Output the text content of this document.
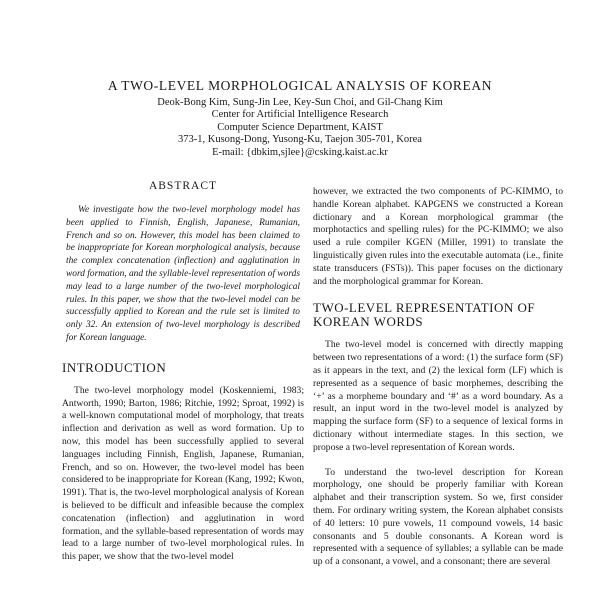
A TWO-LEVEL MORPHOLOGICAL ANALYSIS OF KOREAN
Deok-Bong Kim, Sung-Jin Lee, Key-Sun Choi, and Gil-Chang Kim
Center for Artificial Intelligence Research
Computer Science Department, KAIST
373-1, Kusong-Dong, Yusong-Ku, Taejon 305-701, Korea
E-mail: {dbkim,sjlee}@csking.kaist.ac.kr
ABSTRACT

We investigate how the two-level morphology model has been applied to Finnish, English, Japanese, Rumanian, French and so on. However, this model has been claimed to be inappropriate for Korean morphological analysis, because the complex concatenation (inflection) and agglutination in word formation, and the syllable-level representation of words may lead to a large number of the two-level morphological rules. In this paper, we show that the two-level model can be successfully applied to Korean and the rule set is limited to only 32. An extension of two-level morphology is described for Korean language.

INTRODUCTION

The two-level morphology model (Koskenniemi, 1983; Antworth, 1990; Barton, 1986; Ritchie, 1992; Sproat, 1992) is a well-known computational model of morphology, that treats inflection and derivation as well as word formation. Up to now, this model has been successfully applied to several languages including Finnish, English, Japanese, Rumanian, French, and so on. However, the two-level model has been considered to be inappropriate for Korean (Kang, 1992; Kwon, 1991). That is, the two-level morphological analysis of Korean is believed to be difficult and infeasible because the complex concatenation (inflection) and agglutination in word formation, and the syllable-based representation of words may lead to a large number of two-level morphological rules. In this paper, we show that the two-level model

however, we extracted the two components of PC-KIMMO, to handle Korean alphabet. KAPGENS we constructed a Korean dictionary and a Korean morphological grammar (the morphotactics and spelling rules) for the PC-KIMMO; we also used a rule compiler KGEN (Miller, 1991) to translate the linguistically given rules into the executable automata (i.e., finite state transducers (FSTs)). This paper focuses on the dictionary and the morphological grammar for Korean.

TWO-LEVEL REPRESENTATION OF KOREAN WORDS

The two-level model is concerned with directly mapping between two representations of a word: (1) the surface form (SF) as it appears in the text, and (2) the lexical form (LF) which is represented as a sequence of basic morphemes, describing the ‘+’ as a morpheme boundary and ‘#’ as a word boundary. As a result, an input word in the two-level model is analyzed by mapping the surface form (SF) to a sequence of lexical forms in dictionary without intermediate stages. In this section, we propose a two-level representation of Korean words.

To understand the two-level description for Korean morphology, one should be properly familiar with Korean alphabet and their transcription system. So we, first consider them. For ordinary writing system, the Korean alphabet consists of 40 letters: 10 pure vowels, 11 compound vowels, 14 basic consonants and 5 double consonants. A Korean word is represented with a sequence of syllables; a syllable can be made up of a consonant, a vowel, and a consonant; there are several
